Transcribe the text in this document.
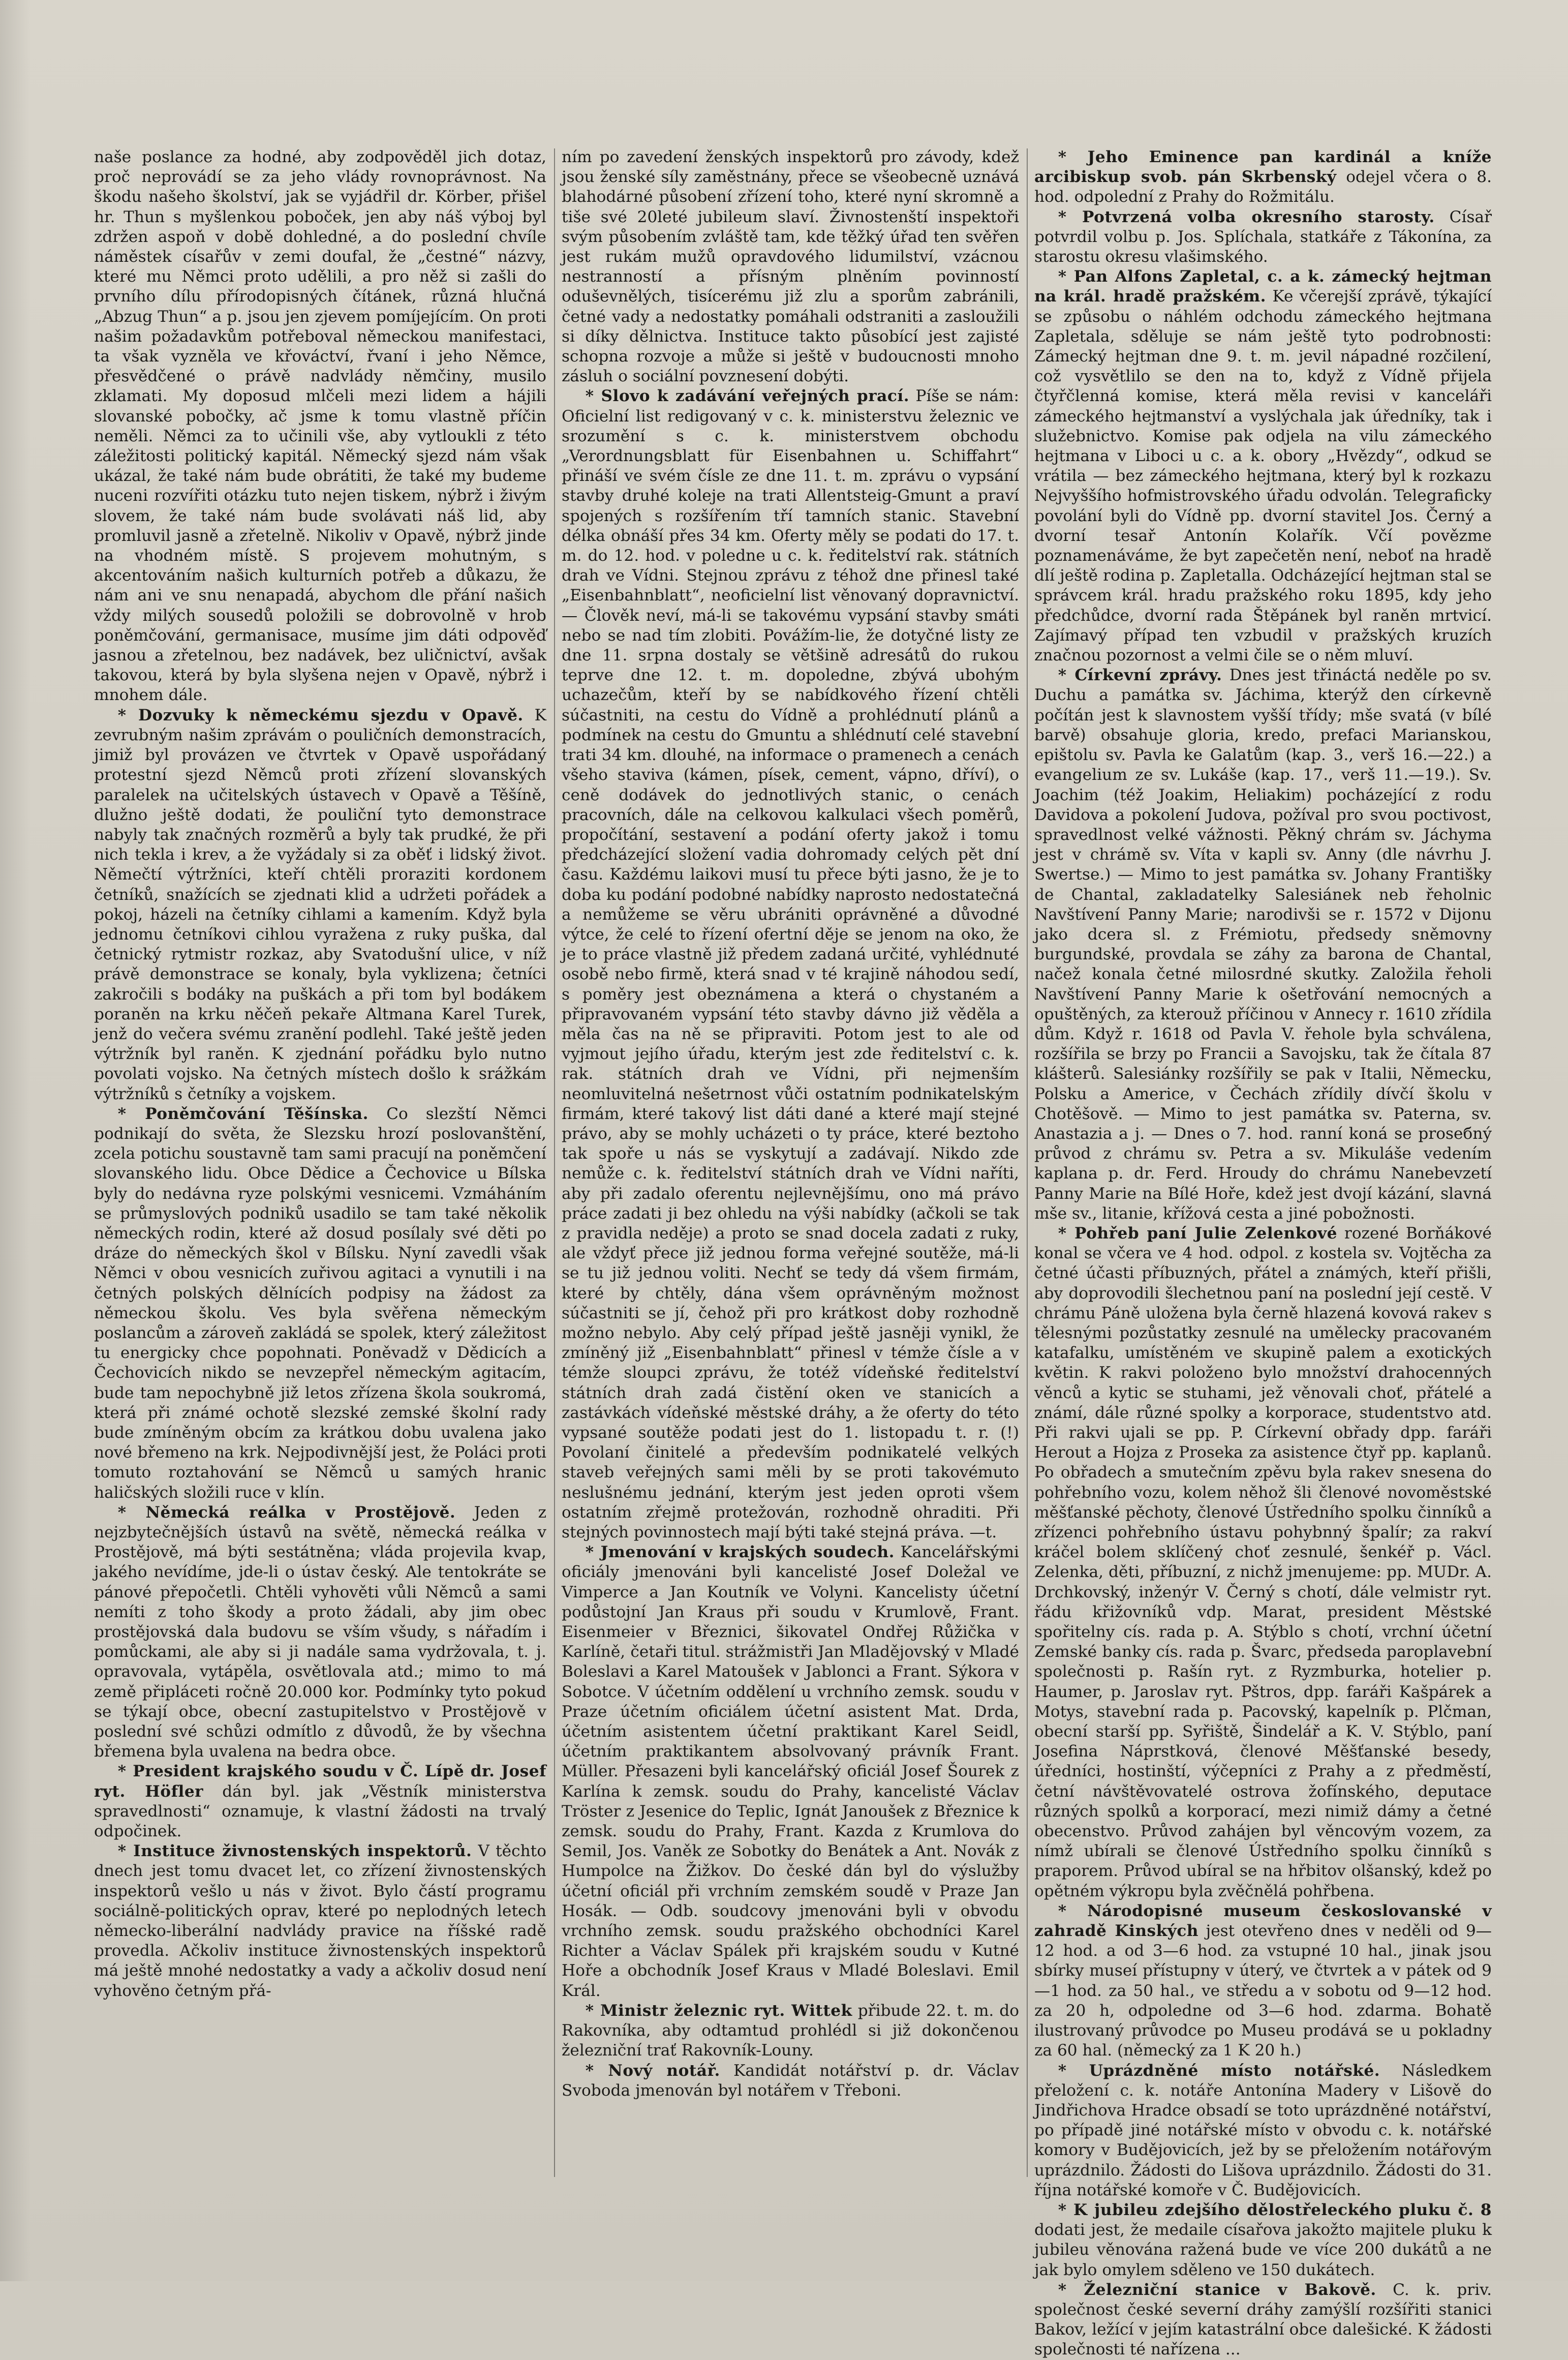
naše poslance za hodné, aby zodpověděl jich dotaz, proč neprovádí se za jeho vlády rovnoprávnost. Na škodu našeho školství, jak se vyjádřil dr. Körber, přišel hr. Thun s myšlenkou poboček, jen aby náš výboj byl zdržen aspoň v době dohledné, a do poslední chvíle náměstek císařův v zemi doufal, že „čestné“ názvy, které mu Němci proto udělili, a pro něž si zašli do prvního dílu přírodopisných čítánek, různá hlučná „Abzug Thun“ a p. jsou jen zjevem pomíjejícím. On proti našim požadavkům potřeboval německou manifestaci, ta však vyzněla ve křováctví, řvaní i jeho Němce, přesvědčené o právě nadvlády němčiny, musilo zklamati. My doposud mlčeli mezi lidem a hájili slovanské pobočky, ač jsme k tomu vlastně příčin neměli. Němci za to učinili vše, aby vytloukli z této záležitosti politický kapitál. Německý sjezd nám však ukázal, že také nám bude obrátiti, že také my budeme nuceni rozvířiti otázku tuto nejen tiskem, nýbrž i živým slovem, že také nám bude svolávati náš lid, aby promluvil jasně a zřetelně. Nikoliv v Opavě, nýbrž jinde na vhodném místě. S projevem mohutným, s akcentováním našich kulturních potřeb a důkazu, že nám ani ve snu nenapadá, abychom dle přání našich vždy milých sousedů položili se dobrovolně v hrob poněmčování, germanisace, musíme jim dáti odpověď jasnou a zřetelnou, bez nadávek, bez uličnictví, avšak takovou, která by byla slyšena nejen v Opavě, nýbrž i mnohem dále.

* Dozvuky k německému sjezdu v Opavě. K zevrubným našim zprávám o pouličních demonstracích, jimiž byl provázen ve čtvrtek v Opavě uspořádaný protestní sjezd Němců proti zřízení slovanských paralelek na učitelských ústavech v Opavě a Těšíně, dlužno ještě dodati, že pouliční tyto demonstrace nabyly tak značných rozměrů a byly tak prudké, že při nich tekla i krev, a že vyžádaly si za oběť i lidský život. Němečtí výtržníci, kteří chtěli proraziti kordonem četníků, snažících se zjednati klid a udržeti pořádek a pokoj, házeli na četníky cihlami a kamením. Když byla jednomu četníkovi cihlou vyražena z ruky puška, dal četnický rytmistr rozkaz, aby Svatodušní ulice, v níž právě demonstrace se konaly, byla vyklizena; četníci zakročili s bodáky na puškách a při tom byl bodákem poraněn na krku něčeň pekaře Altmana Karel Turek, jenž do večera svému zranění podlehl. Také ještě jeden výtržník byl raněn. K zjednání pořádku bylo nutno povolati vojsko. Na četných místech došlo k srážkám výtržníků s četníky a vojskem.

* Poněmčování Těšínska. Co slezští Němci podnikají do světa, že Slezsku hrozí poslovanštění, zcela potichu soustavně tam sami pracují na poněmčení slovanského lidu. Obce Dědice a Čechovice u Bílska byly do nedávna ryze polskými vesnicemi. Vzmáháním se průmyslových podniků usadilo se tam také několik německých rodin, které až dosud posílaly své děti po dráze do německých škol v Bílsku. Nyní zavedli však Němci v obou vesnicích zuřivou agitaci a vynutili i na četných polských dělnících podpisy na žádost za německou školu. Ves byla svěřena německým poslancům a zároveň zakládá se spolek, který záležitost tu energicky chce popohnati. Poněvadž v Dědicích a Čechovicích nikdo se nevzepřel německým agitacím, bude tam nepochybně již letos zřízena škola soukromá, která při známé ochotě slezské zemské školní rady bude zmíněným obcím za krátkou dobu uvalena jako nové břemeno na krk. Nejpodivnější jest, že Poláci proti tomuto roztahování se Němců u samých hranic haličských složili ruce v klín.

* Německá reálka v Prostějově. Jeden z nejzbytečnějších ústavů na světě, německá reálka v Prostějově, má býti sestátněna; vláda projevila kvap, jakého nevídíme, jde-li o ústav český. Ale tentokráte se pánové přepočetli. Chtěli vyhověti vůli Němců a sami nemíti z toho škody a proto žádali, aby jim obec prostějovská dala budovu se vším všudy, s nářadím i pomůckami, ale aby si ji nadále sama vydržovala, t. j. opravovala, vytápěla, osvětlovala atd.; mimo to má země připláceti ročně 20.000 kor. Podmínky tyto pokud se týkají obce, obecní zastupitelstvo v Prostějově v poslední své schůzi odmítlo z důvodů, že by všechna břemena byla uvalena na bedra obce.

* President krajského soudu v Č. Lípě dr. Josef ryt. Höfler dán byl. jak „Věstník ministerstva spravedlnosti“ oznamuje, k vlastní žádosti na trvalý odpočinek.

* Instituce živnostenských inspektorů. V těchto dnech jest tomu dvacet let, co zřízení živnostenských inspektorů vešlo u nás v život. Bylo částí programu sociálně-politických oprav, které po neplodných letech německo-liberální nadvlády pravice na říšské radě provedla. Ačkoliv instituce živnostenských inspektorů má ještě mnohé nedostatky a vady a ačkoliv dosud není vyhověno četným přá-

ním po zavedení ženských inspektorů pro závody, kdež jsou ženské síly zaměstnány, přece se všeobecně uznává blahodárné působení zřízení toho, které nyní skromně a tiše své 20leté jubileum slaví. Živnostenští inspektoři svým působením zvláště tam, kde těžký úřad ten svěřen jest rukám mužů opravdového lidumilství, vzácnou nestranností a přísným plněním povinností oduševnělých, tisícerému již zlu a sporům zabránili, četné vady a nedostatky pomáhali odstraniti a zasloužili si díky dělnictva. Instituce takto působící jest zajisté schopna rozvoje a může si ještě v budoucnosti mnoho zásluh o sociální povznesení dobýti.

* Slovo k zadávání veřejných prací. Píše se nám: Oficielní list redigovaný v c. k. ministerstvu železnic ve srozumění s c. k. ministerstvem obchodu „Verordnungsblatt für Eisenbahnen u. Schiffahrt“ přináší ve svém čísle ze dne 11. t. m. zprávu o vypsání stavby druhé koleje na trati Allentsteig-Gmunt a praví spojených s rozšířením tří tamních stanic. Stavební délka obnáší přes 34 km. Oferty měly se podati do 17. t. m. do 12. hod. v poledne u c. k. ředitelství rak. státních drah ve Vídni. Stejnou zprávu z téhož dne přinesl také „Eisenbahnblatt“, neoficielní list věnovaný dopravnictví. — Člověk neví, má-li se takovému vypsání stavby smáti nebo se nad tím zlobiti. Povážím-lie, že dotyčné listy ze dne 11. srpna dostaly se většině adresátů do rukou teprve dne 12. t. m. dopoledne, zbývá ubohým uchazečům, kteří by se nabídkového řízení chtěli súčastniti, na cestu do Vídně a prohlédnutí plánů a podmínek na cestu do Gmuntu a shlédnutí celé stavební trati 34 km. dlouhé, na informace o pramenech a cenách všeho staviva (kámen, písek, cement, vápno, dříví), o ceně dodávek do jednotlivých stanic, o cenách pracovních, dále na celkovou kalkulaci všech poměrů, propočítání, sestavení a podání oferty jakož i tomu předcházející složení vadia dohromady celých pět dní času. Každému laikovi musí tu přece býti jasno, že je to doba ku podání podobné nabídky naprosto nedostatečná a nemůžeme se věru ubrániti oprávněné a důvodné výtce, že celé to řízení ofertní děje se jenom na oko, že je to práce vlastně již předem zadaná určité, vyhlédnuté osobě nebo firmě, která snad v té krajině náhodou sedí, s poměry jest obeznámena a která o chystaném a připravovaném vypsání této stavby dávno již věděla a měla čas na ně se připraviti. Potom jest to ale od vyjmout jejího úřadu, kterým jest zde ředitelství c. k. rak. státních drah ve Vídni, při nejmenším neomluvitelná nešetrnost vůči ostatním podnikatelským firmám, které takový list dáti dané a které mají stejné právo, aby se mohly ucházeti o ty práce, které beztoho tak spoře u nás se vyskytují a zadávají. Nikdo zde nemůže c. k. ředitelství státních drah ve Vídni naříti, aby při zadalo oferentu nejlevnějšímu, ono má právo práce zadati ji bez ohledu na výši nabídky (ačkoli se tak z pravidla neděje) a proto se snad docela zadati z ruky, ale vždyť přece již jednou forma veřejné soutěže, má-li se tu již jednou voliti. Nechť se tedy dá všem firmám, které by chtěly, dána všem oprávněným možnost súčastniti se jí, čehož při pro krátkost doby rozhodně možno nebylo. Aby celý případ ještě jasněji vynikl, že zmíněný již „Eisenbahnblatt“ přinesl v témže čísle a v témže sloupci zprávu, že totéž vídeňské ředitelství státních drah zadá čistění oken ve stanicích a zastávkách vídeňské městské dráhy, a že oferty do této vypsané soutěže podati jest do 1. listopadu t. r. (!) Povolaní činitelé a především podnikatelé velkých staveb veřejných sami měli by se proti takovémuto neslušnému jednání, kterým jest jeden oproti všem ostatním zřejmě protežován, rozhodně ohraditi. Při stejných povinnostech mají býti také stejná práva. —t.

* Jmenování v krajských soudech. Kancelářskými oficiály jmenováni byli kancelisté Josef Doležal ve Vimperce a Jan Koutník ve Volyni. Kancelisty účetní podůstojní Jan Kraus při soudu v Krumlově, Frant. Eisenmeier v Březnici, šikovatel Ondřej Růžička v Karlíně, četaři titul. strážmistři Jan Mladějovský v Mladé Boleslavi a Karel Matoušek v Jablonci a Frant. Sýkora v Sobotce. V účetním oddělení u vrchního zemsk. soudu v Praze účetním oficiálem účetní asistent Mat. Drda, účetním asistentem účetní praktikant Karel Seidl, účetním praktikantem absolvovaný právník Frant. Müller. Přesazeni byli kancelářský oficiál Josef Šourek z Karlína k zemsk. soudu do Prahy, kancelisté Václav Tröster z Jesenice do Teplic, Ignát Janoušek z Březnice k zemsk. soudu do Prahy, Frant. Kazda z Krumlova do Semil, Jos. Vaněk ze Sobotky do Benátek a Ant. Novák z Humpolce na Žižkov. Do české dán byl do výslužby účetní oficiál při vrchním zemském soudě v Praze Jan Hosák. — Odb. soudcovy jmenováni byli v obvodu vrchního zemsk. soudu pražského obchodníci Karel Richter a Václav Spálek při krajském soudu v Kutné Hoře a obchodník Josef Kraus v Mladé Boleslavi. Emil Král.

* Ministr železnic ryt. Wittek přibude 22. t. m. do Rakovníka, aby odtamtud prohlédl si již dokončenou železniční trať Rakovník-Louny.

* Nový notář. Kandidát notářství p. dr. Václav Svoboda jmenován byl notářem v Třeboni.

* Jeho Eminence pan kardinál a kníže arcibiskup svob. pán Skrbenský odejel včera o 8. hod. odpolední z Prahy do Rožmitálu.

* Potvrzená volba okresního starosty. Císař potvrdil volbu p. Jos. Splíchala, statkáře z Tákonína, za starostu okresu vlašimského.

* Pan Alfons Zapletal, c. a k. zámecký hejtman na král. hradě pražském. Ke včerejší zprávě, týkající se způsobu o náhlém odchodu zámeckého hejtmana Zapletala, sděluje se nám ještě tyto podrobnosti: Zámecký hejtman dne 9. t. m. jevil nápadné rozčilení, což vysvětlilo se den na to, když z Vídně přijela čtyřčlenná komise, která měla revisi v kanceláři zámeckého hejtmanství a vyslýchala jak úředníky, tak i služebnictvo. Komise pak odjela na vilu zámeckého hejtmana v Liboci u c. a k. obory „Hvězdy“, odkud se vrátila — bez zámeckého hejtmana, který byl k rozkazu Nejvyššího hofmistrovského úřadu odvolán. Telegraficky povolání byli do Vídně pp. dvorní stavitel Jos. Černý a dvorní tesař Antonín Kolařík. Včí povězme poznamenáváme, že byt zapečetěn není, neboť na hradě dlí ještě rodina p. Zapletalla. Odcházející hejtman stal se správcem král. hradu pražského roku 1895, kdy jeho předchůdce, dvorní rada Štěpánek byl raněn mrtvicí. Zajímavý případ ten vzbudil v pražských kruzích značnou pozornost a velmi čile se o něm mluví.

* Církevní zprávy. Dnes jest třináctá neděle po sv. Duchu a památka sv. Jáchima, kterýž den církevně počítán jest k slavnostem vyšší třídy; mše svatá (v bílé barvě) obsahuje gloria, kredo, prefaci Marianskou, epištolu sv. Pavla ke Galatům (kap. 3., verš 16.—22.) a evangelium ze sv. Lukáše (kap. 17., verš 11.—19.). Sv. Joachim (též Joakim, Heliakim) pocházející z rodu Davidova a pokolení Judova, požíval pro svou poctivost, spravedlnost velké vážnosti. Pěkný chrám sv. Jáchyma jest v chrámě sv. Víta v kapli sv. Anny (dle návrhu J. Swertse.) — Mimo to jest památka sv. Johany Františky de Chantal, zakladatelky Salesiánek neb řeholnic Navštívení Panny Marie; narodivši se r. 1572 v Dijonu jako dcera sl. z Frémiotu, předsedy sněmovny burgundské, provdala se záhy za barona de Chantal, načež konala četné milosrdné skutky. Založila řeholi Navštívení Panny Marie k ošetřování nemocných a opuštěných, za kterouž příčinou v Annecy r. 1610 zřídila dům. Když r. 1618 od Pavla V. řehole byla schválena, rozšířila se brzy po Francii a Savojsku, tak že čítala 87 klášterů. Salesiánky rozšířily se pak v Italii, Německu, Polsku a Americe, v Čechách zřídily dívčí školu v Chotěšově. — Mimo to jest památka sv. Paterna, sv. Anastazia a j. — Dnes o 7. hod. ranní koná se proseбný průvod z chrámu sv. Petra a sv. Mikuláše vedením kaplana p. dr. Ferd. Hroudy do chrámu Nanebevzetí Panny Marie na Bílé Hoře, kdež jest dvojí kázání, slavná mše sv., litanie, křížová cesta a jiné pobožnosti.

* Pohřeb paní Julie Zelenkové rozené Borňákové konal se včera ve 4 hod. odpol. z kostela sv. Vojtěcha za četné účasti příbuzných, přátel a známých, kteří přišli, aby doprovodili šlechetnou paní na poslední její cestě. V chrámu Páně uložena byla černě hlazená kovová rakev s tělesnými pozůstatky zesnulé na umělecky pracovaném katafalku, umístěném ve skupině palem a exotických květin. K rakvi položeno bylo množství drahocenných věnců a kytic se stuhami, jež věnovali choť, přátelé a známí, dále různé spolky a korporace, studentstvo atd. Při rakvi ujali se pp. P. Církevní obřady dpp. faráři Herout a Hojza z Proseka za asistence čtyř pp. kaplanů. Po obřadech a smutečním zpěvu byla rakev snesena do pohřebního vozu, kolem něhož šli členové novoměstské měšťanské pěchoty, členové Ústředního spolku činníků a zřízenci pohřebního ústavu pohybnný špalír; za rakví kráčel bolem sklíčený choť zesnulé, šenkéř p. Václ. Zelenka, děti, příbuzní, z nichž jmenujeme: pp. MUDr. A. Drchkovský, inženýr V. Černý s chotí, dále velmistr ryt. řádu křižovníků vdp. Marat, president Městské spořitelny cís. rada p. A. Stýblo s chotí, vrchní účetní Zemské banky cís. rada p. Švarc, předseda paroplavební společnosti p. Rašín ryt. z Ryzmburka, hotelier p. Haumer, p. Jaroslav ryt. Pštros, dpp. faráři Kašpárek a Motys, stavební rada p. Pacovský, kapelník p. Plčman, obecní starší pp. Syřiště, Šindelář a K. V. Stýblo, paní Josefina Náprstková, členové Měšťanské besedy, úředníci, hostinští, výčepníci z Prahy a z předměstí, četní návštěvovatelé ostrova žofínského, deputace různých spolků a korporací, mezi nimiž dámy a četné obecenstvo. Průvod zahájen byl věncovým vozem, za nímž ubírali se členové Ústředního spolku činníků s praporem. Průvod ubíral se na hřbitov olšanský, kdež po opětném výkropu byla zvěčnělá pohřbena.

* Národopisné museum českoslovanské v zahradě Kinských jest otevřeno dnes v neděli od 9—12 hod. a od 3—6 hod. za vstupné 10 hal., jinak jsou sbírky museí přístupny v úterý, ve čtvrtek a v pátek od 9—1 hod. za 50 hal., ve středu a v sobotu od 9—12 hod. za 20 h, odpoledne od 3—6 hod. zdarma. Bohatě ilustrovaný průvodce po Museu prodává se u pokladny za 60 hal. (německý za 1 K 20 h.)

* Uprázdněné místo notářské. Následkem přeložení c. k. notáře Antonína Madery v Lišově do Jindřichova Hradce obsadí se toto uprázdněné notářství, po případě jiné notářské místo v obvodu c. k. notářské komory v Budějovicích, jež by se přeložením notářovým uprázdnilo. Žádosti do Lišova uprázdnilo. Žádosti do 31. října notářské komoře v Č. Budějovicích.

* K jubileu zdejšího dělostřeleckého pluku č. 8 dodati jest, že medaile císařova jakožto majitele pluku k jubileu věnována ražená bude ve více 200 dukátů a ne jak bylo omylem sděleno ve 150 dukátech.

* Železniční stanice v Bakově. C. k. priv. společnost české severní dráhy zamýšlí rozšířiti stanici Bakov, ležící v jejím katastrální obce dalešické. K žádosti společnosti té nařízena ...
